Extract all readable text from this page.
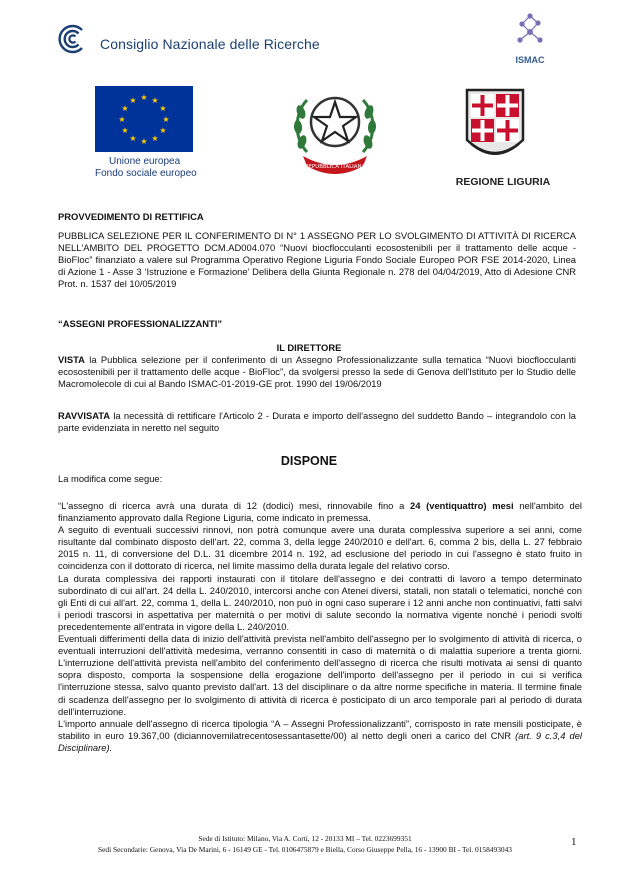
Consiglio Nazionale delle Ricerche
ISMAC
★ ★
★
★
★
★
★
★
★
★
★
★
Unione europea
Fondo sociale europeo
REPUBBLICA ITALIANA
REGIONE LIGURIA
PROVVEDIMENTO DI RETTIFICA
PUBBLICA SELEZIONE PER IL CONFERIMENTO DI N° 1 ASSEGNO PER LO SVOLGIMENTO DI ATTIVITÀ DI RICERCA NELL'AMBITO DEL PROGETTO DCM.AD004.070 “Nuovi biocflocculanti ecosostenibili per il trattamento delle acque - BioFloc” finanziato a valere sul Programma Operativo Regione Liguria Fondo Sociale Europeo POR FSE 2014-2020, Linea di Azione 1 - Asse 3 ‘Istruzione e Formazione’ Delibera della Giunta Regionale n. 278 del 04/04/2019, Atto di Adesione CNR Prot. n. 1537 del 10/05/2019
“ASSEGNI PROFESSIONALIZZANTI”
IL DIRETTORE
VISTA la Pubblica selezione per il conferimento di un Assegno Professionalizzante sulla tematica “Nuovi biocflocculanti ecosostenibili per il trattamento delle acque - BioFloc”, da svolgersi presso la sede di Genova dell'Istituto per lo Studio delle Macromolecole di cui al Bando ISMAC-01-2019-GE prot. 1990 del 19/06/2019
RAVVISATA la necessità di rettificare l'Articolo 2 - Durata e importo dell'assegno del suddetto Bando – integrandolo con la parte evidenziata in neretto nel seguito
DISPONE
La modifica come segue:
“L'assegno di ricerca avrà una durata di 12 (dodici) mesi, rinnovabile fino a 24 (ventiquattro) mesi nell'ambito del finanziamento approvato dalla Regione Liguria, come indicato in premessa.
A seguito di eventuali successivi rinnovi, non potrà comunque avere una durata complessiva superiore a sei anni, come risultante dal combinato disposto dell'art. 22, comma 3, della legge 240/2010 e dell'art. 6, comma 2 bis, della L. 27 febbraio 2015 n. 11, di conversione del D.L. 31 dicembre 2014 n. 192, ad esclusione del periodo in cui l'assegno è stato fruito in coincidenza con il dottorato di ricerca, nel limite massimo della durata legale del relativo corso.
La durata complessiva dei rapporti instaurati con il titolare dell'assegno e dei contratti di lavoro a tempo determinato subordinato di cui all'art. 24 della L. 240/2010, intercorsi anche con Atenei diversi, statali, non statali o telematici, nonché con gli Enti di cui all'art. 22, comma 1, della L. 240/2010, non può in ogni caso superare i 12 anni anche non continuativi, fatti salvi i periodi trascorsi in aspettativa per maternità o per motivi di salute secondo la normativa vigente nonché i periodi svolti precedentemente all'entrata in vigore della L. 240/2010.
Eventuali differimenti della data di inizio dell'attività prevista nell'ambito dell'assegno per lo svolgimento di attività di ricerca, o eventuali interruzioni dell'attività medesima, verranno consentiti in caso di maternità o di malattia superiore a trenta giorni. L'interruzione dell'attività prevista nell'ambito del conferimento dell'assegno di ricerca che risulti motivata ai sensi di quanto sopra disposto, comporta la sospensione della erogazione dell'importo dell'assegno per il periodo in cui si verifica l'interruzione stessa, salvo quanto previsto dall'art. 13 del disciplinare o da altre norme specifiche in materia. Il termine finale di scadenza dell'assegno per lo svolgimento di attività di ricerca è posticipato di un arco temporale pari al periodo di durata dell'interruzione.
L'importo annuale dell'assegno di ricerca tipologia “A – Assegni Professionalizzanti”, corrisposto in rate mensili posticipate, è stabilito in euro 19.367,00 (diciannovemilatrecentosessantasette/00) al netto degli oneri a carico del CNR (art. 9 c.3,4 del Disciplinare).
Sede di Istituto: Milano, Via A. Corti, 12 - 20133 MI – Tel. 0223699351
Sedi Secondarie: Genova, Via De Marini, 6 - 16149 GE - Tel. 0106475879 e Biella, Corso Giuseppe Pella, 16 - 13900 BI - Tel. 0158493043
1
